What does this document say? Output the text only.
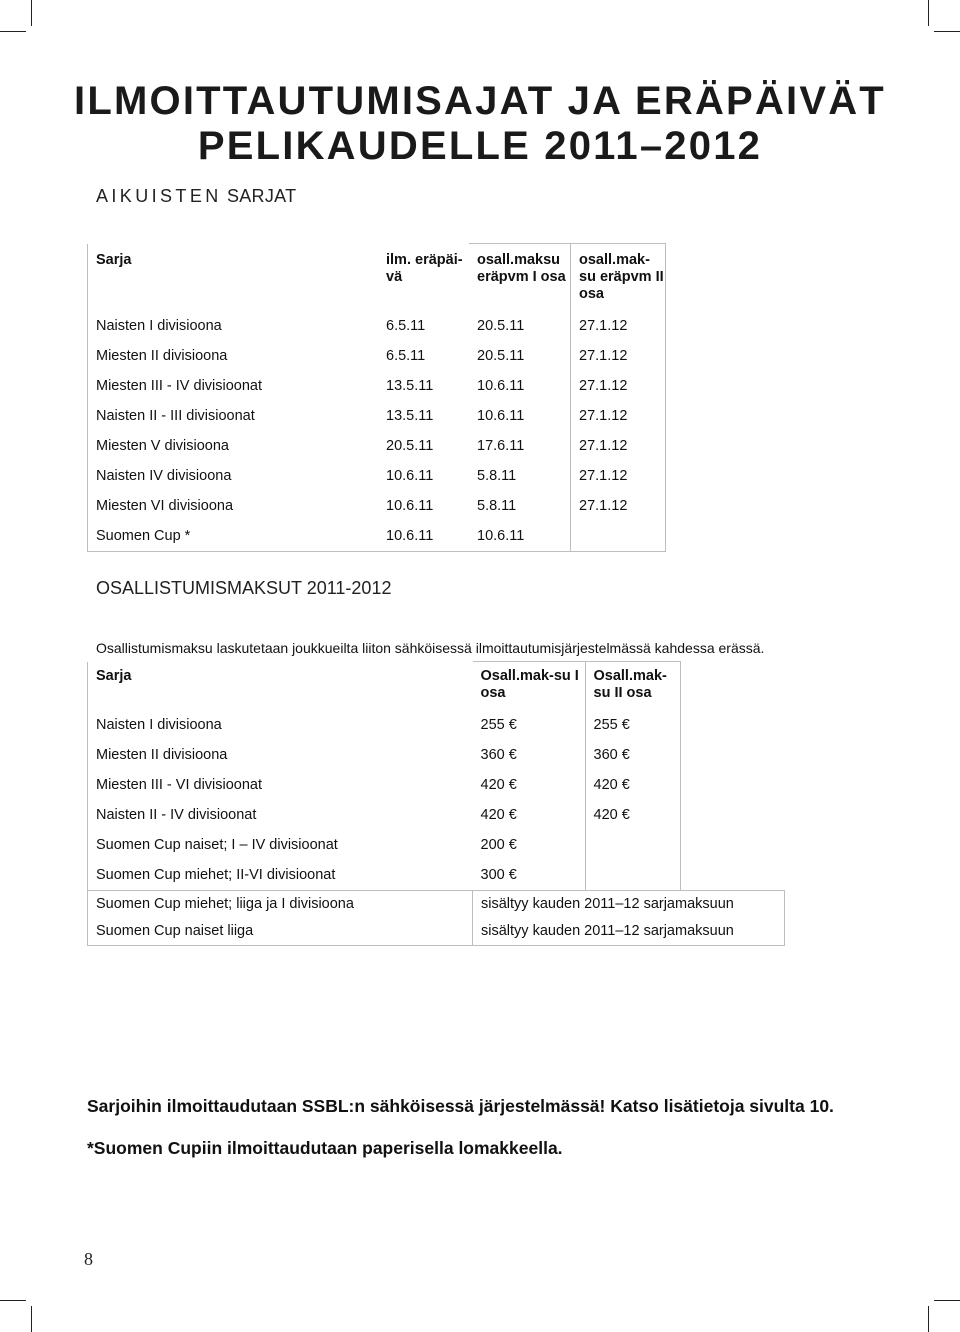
ILMOITTAUTUMISAJAT JA ERÄPÄIVÄT
PELIKAUDELLE 2011–2012
AIKUISTEN SARJAT
Sarja	ilm. eräpäi-vä	osall.maksu eräpvm I osa	osall.mak-su eräpvm II osa
Naisten I divisioona	6.5.11	20.5.11	27.1.12
Miesten II divisioona	6.5.11	20.5.11	27.1.12
Miesten III - IV divisioonat	13.5.11	10.6.11	27.1.12
Naisten II - III divisioonat	13.5.11	10.6.11	27.1.12
Miesten V divisioona	20.5.11	17.6.11	27.1.12
Naisten IV divisioona	10.6.11	5.8.11	27.1.12
Miesten VI divisioona	10.6.11	5.8.11	27.1.12
Suomen Cup *	10.6.11	10.6.11	
OSALLISTUMISMAKSUT 2011-2012
Osallistumismaksu laskutetaan joukkueilta liiton sähköisessä ilmoittautumisjärjestelmässä kahdessa erässä.
Sarja	Osall.mak-su I osa	Osall.mak-su II osa	
Naisten I divisioona	255 €	255 €	
Miesten II divisioona	360 €	360 €	
Miesten III - VI divisioonat	420 €	420 €	
Naisten II - IV divisioonat	420 €	420 €	
Suomen Cup naiset; I – IV divisioonat	200 €		
Suomen Cup miehet; II-VI divisioonat	300 €		
Suomen Cup miehet; liiga ja I divisioona	sisältyy kauden 2011–12 sarjamaksuun		
Suomen Cup naiset liiga	sisältyy kauden 2011–12 sarjamaksuun		
Sarjoihin ilmoittaudutaan SSBL:n sähköisessä järjestelmässä! Katso lisätietoja sivulta 10.
*Suomen Cupiin ilmoittaudutaan paperisella lomakkeella.
8
